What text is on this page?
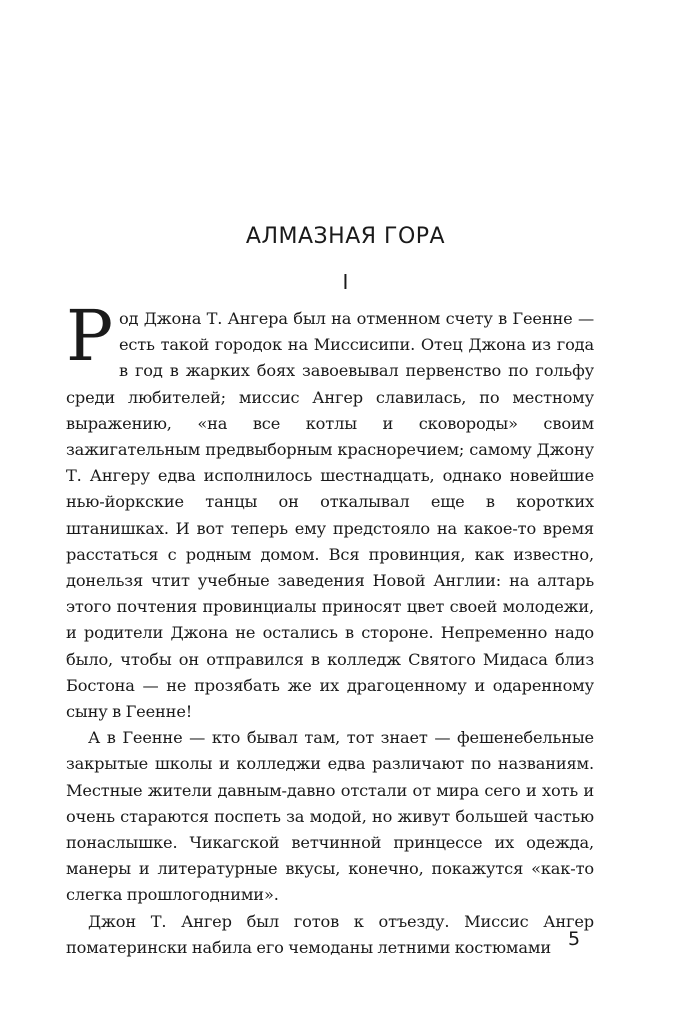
АЛМАЗНАЯ ГОРА
I

Род Джона Т. Ангера был на отменном счету в Геенне — есть такой городок на Миссисипи. Отец Джона из года в год в жарких боях завоевывал первенство по гольфу среди любителей; миссис Ангер славилась, по местному выражению, «на все котлы и сковороды» своим зажигательным предвыборным красноречием; самому Джону Т. Ангеру едва исполнилось шестнадцать, однако новейшие нью-йоркские танцы он откалывал еще в коротких штанишках. И вот теперь ему предстояло на какое-то время расстаться с родным домом. Вся провинция, как известно, донельзя чтит учебные заведения Новой Англии: на алтарь этого почтения провинциалы приносят цвет своей молодежи, и родители Джона не остались в стороне. Непременно надо было, чтобы он отправился в колледж Святого Мидаса близ Бостона — не прозябать же их драгоценному и одаренному сыну в Геенне!

А в Геенне — кто бывал там, тот знает — фешенебельные закрытые школы и колледжи едва различают по названиям. Местные жители давным-давно отстали от мира сего и хоть и очень стараются поспеть за модой, но живут большей частью понаслышке. Чикагской ветчинной принцессе их одежда, манеры и литературные вкусы, конечно, покажутся «как-то слегка прошлогодними».

Джон Т. Ангер был готов к отъезду. Миссис Ангер поматерински набила его чемоданы летними костюмами 5
